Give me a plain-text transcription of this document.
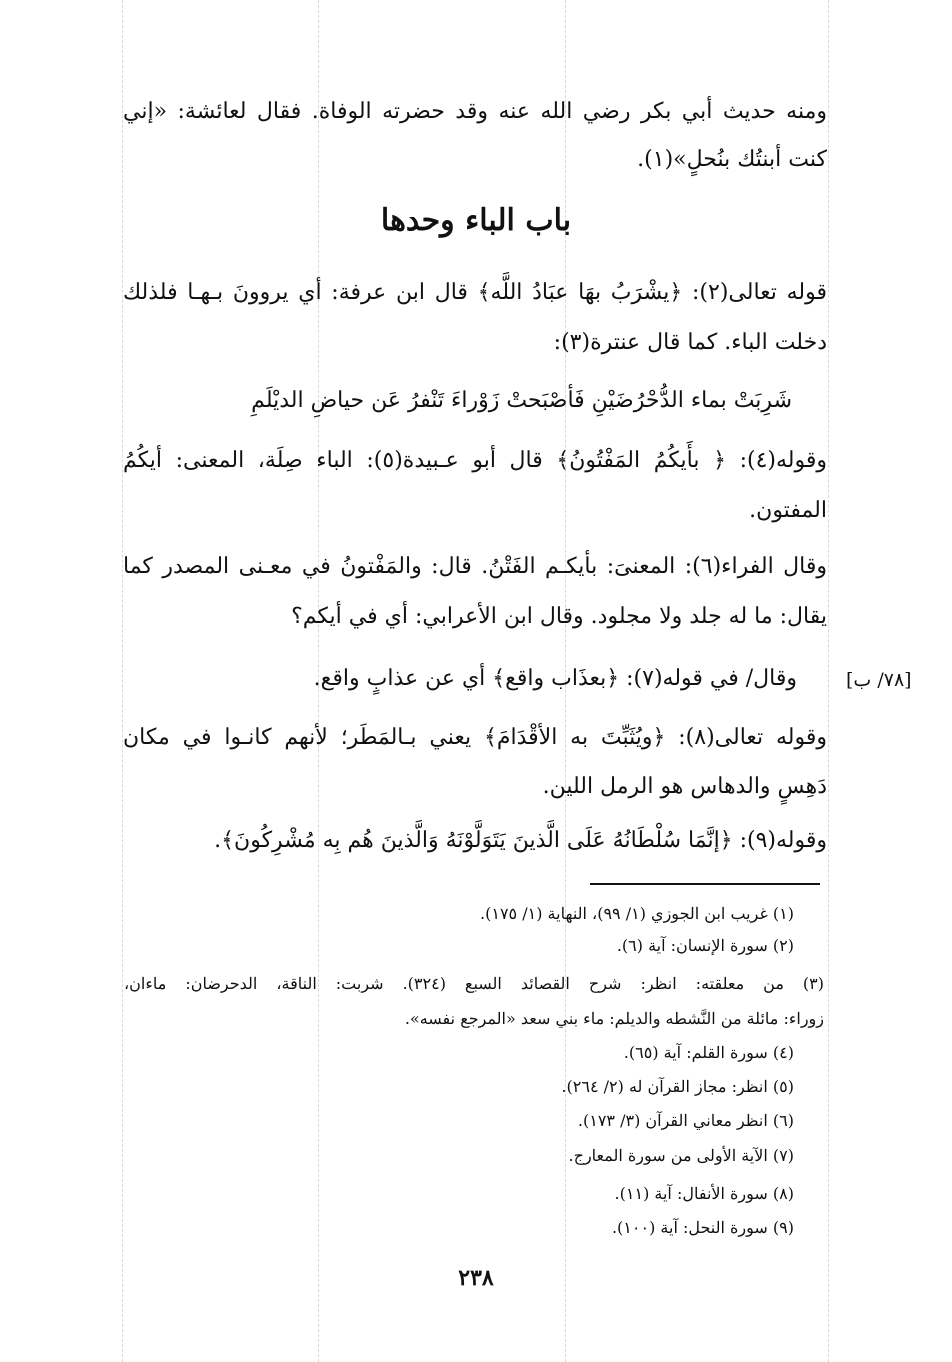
ومنه حديث أبي بكر رضي الله عنه وقد حضرته الوفاة. فقال لعائشة: «إني
كنت أبنتُك بنُحلٍ»(١).
باب الباء وحدها
قوله تعالى(٢): ﴿يشْرَبُ بهَا عبَادُ اللَّه﴾ قال ابن عرفة: أي يروونَ بـهـا فلذلك
دخلت الباء. كما قال عنترة(٣):
شَرِبَتْ بماء الدُّحْرُضَيْنِ فَأصْبَحتْ زَوْراءَ تَنْفرُ عَن حياضِ الديْلَمِ
وقوله(٤): ﴿ بأَيكُمُ المَفْتُونُ﴾ قال أبو عـبيدة(٥): الباء صِلَة، المعنى: أيكُمُ
المفتون.
وقال الفراء(٦): المعنىَ: بأيكـم الفَتْنُ. قال: والمَفْتونُ في معـنى المصدر كما
يقال: ما له جلد ولا مجلود. وقال ابن الأعرابي: أي في أيكم؟
وقال/ في قوله(٧): ﴿بعذَاب واقع﴾ أي عن عذابٍ واقع.	[٧٨/ ب]
وقوله تعالى(٨): ﴿ويُثَبِّتَ به الأقْدَامَ﴾ يعني بـالمَطَر؛ لأنهم كانـوا في مكان
دَهِسٍ والدهاس هو الرمل اللين.
وقوله(٩): ﴿إنَّمَا سُلْطَانُهُ عَلَى الَّذينَ يَتَوَلَّوْنَهُ وَالَّذينَ هُم بِه مُشْرِكُونَ﴾.
(١) غريب ابن الجوزي (١/ ٩٩)، النهاية (١/ ١٧٥).
(٢) سورة الإنسان: آية (٦).
(٣) من معلقته: انظر: شرح القصائد السبع (٣٢٤). شربت: الناقة، الدحرضان: ماءان،
زوراء: مائلة من النَّشطه والديلم: ماء بني سعد «المرجع نفسه».
(٤) سورة القلم: آية (٦٥).
(٥) انظر: مجاز القرآن له (٢/ ٢٦٤).
(٦) انظر معاني القرآن (٣/ ١٧٣).
(٧) الآية الأولى من سورة المعارج.
(٨) سورة الأنفال: آية (١١).
(٩) سورة النحل: آية (١٠٠).
٢٣٨
